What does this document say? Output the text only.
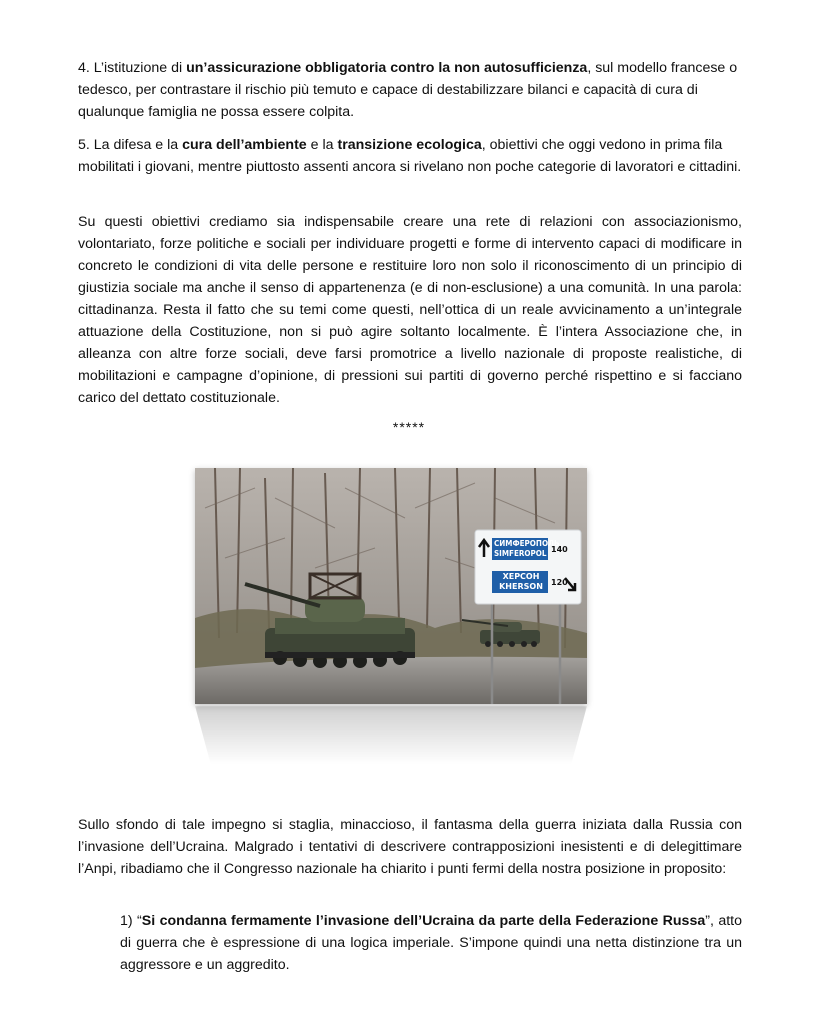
4. L’istituzione di un’assicurazione obbligatoria contro la non autosufficienza, sul modello francese o tedesco, per contrastare il rischio più temuto e capace di destabilizzare bilanci e capacità di cura di qualunque famiglia ne possa essere colpita.

5. La difesa e la cura dell’ambiente e la transizione ecologica, obiettivi che oggi vedono in prima fila mobilitati i giovani, mentre piuttosto assenti ancora si rivelano non poche categorie di lavoratori e cittadini.

Su questi obiettivi crediamo sia indispensabile creare una rete di relazioni con associazionismo, volontariato, forze politiche e sociali per individuare progetti e forme di intervento capaci di modificare in concreto le condizioni di vita delle persone e restituire loro non solo il riconoscimento di un principio di giustizia sociale ma anche il senso di appartenenza (e di non-esclusione) a una comunità. In una parola: cittadinanza. Resta il fatto che su temi come questi, nell’ottica di un reale avvicinamento a un’integrale attuazione della Costituzione, non si può agire soltanto localmente. È l’intera Associazione che, in alleanza con altre forze sociali, deve farsi promotrice a livello nazionale di proposte realistiche, di mobilitazioni e campagne d’opinione, di pressioni sui partiti di governo perché rispettino e si facciano carico del dettato costituzionale.

*****
СИМФЕРОПОЛЬ
SIMFEROPOL 140
ХЕРСОН
KHERSON	120

Sullo sfondo di tale impegno si staglia, minaccioso, il fantasma della guerra iniziata dalla Russia con l’invasione dell’Ucraina. Malgrado i tentativi di descrivere contrapposizioni inesistenti e di delegittimare l’Anpi, ribadiamo che il Congresso nazionale ha chiarito i punti fermi della nostra posizione in proposito:

1) “Si condanna fermamente l’invasione dell’Ucraina da parte della Federazione Russa”, atto di guerra che è espressione di una logica imperiale. S’impone quindi una netta distinzione tra un aggressore e un aggredito.
